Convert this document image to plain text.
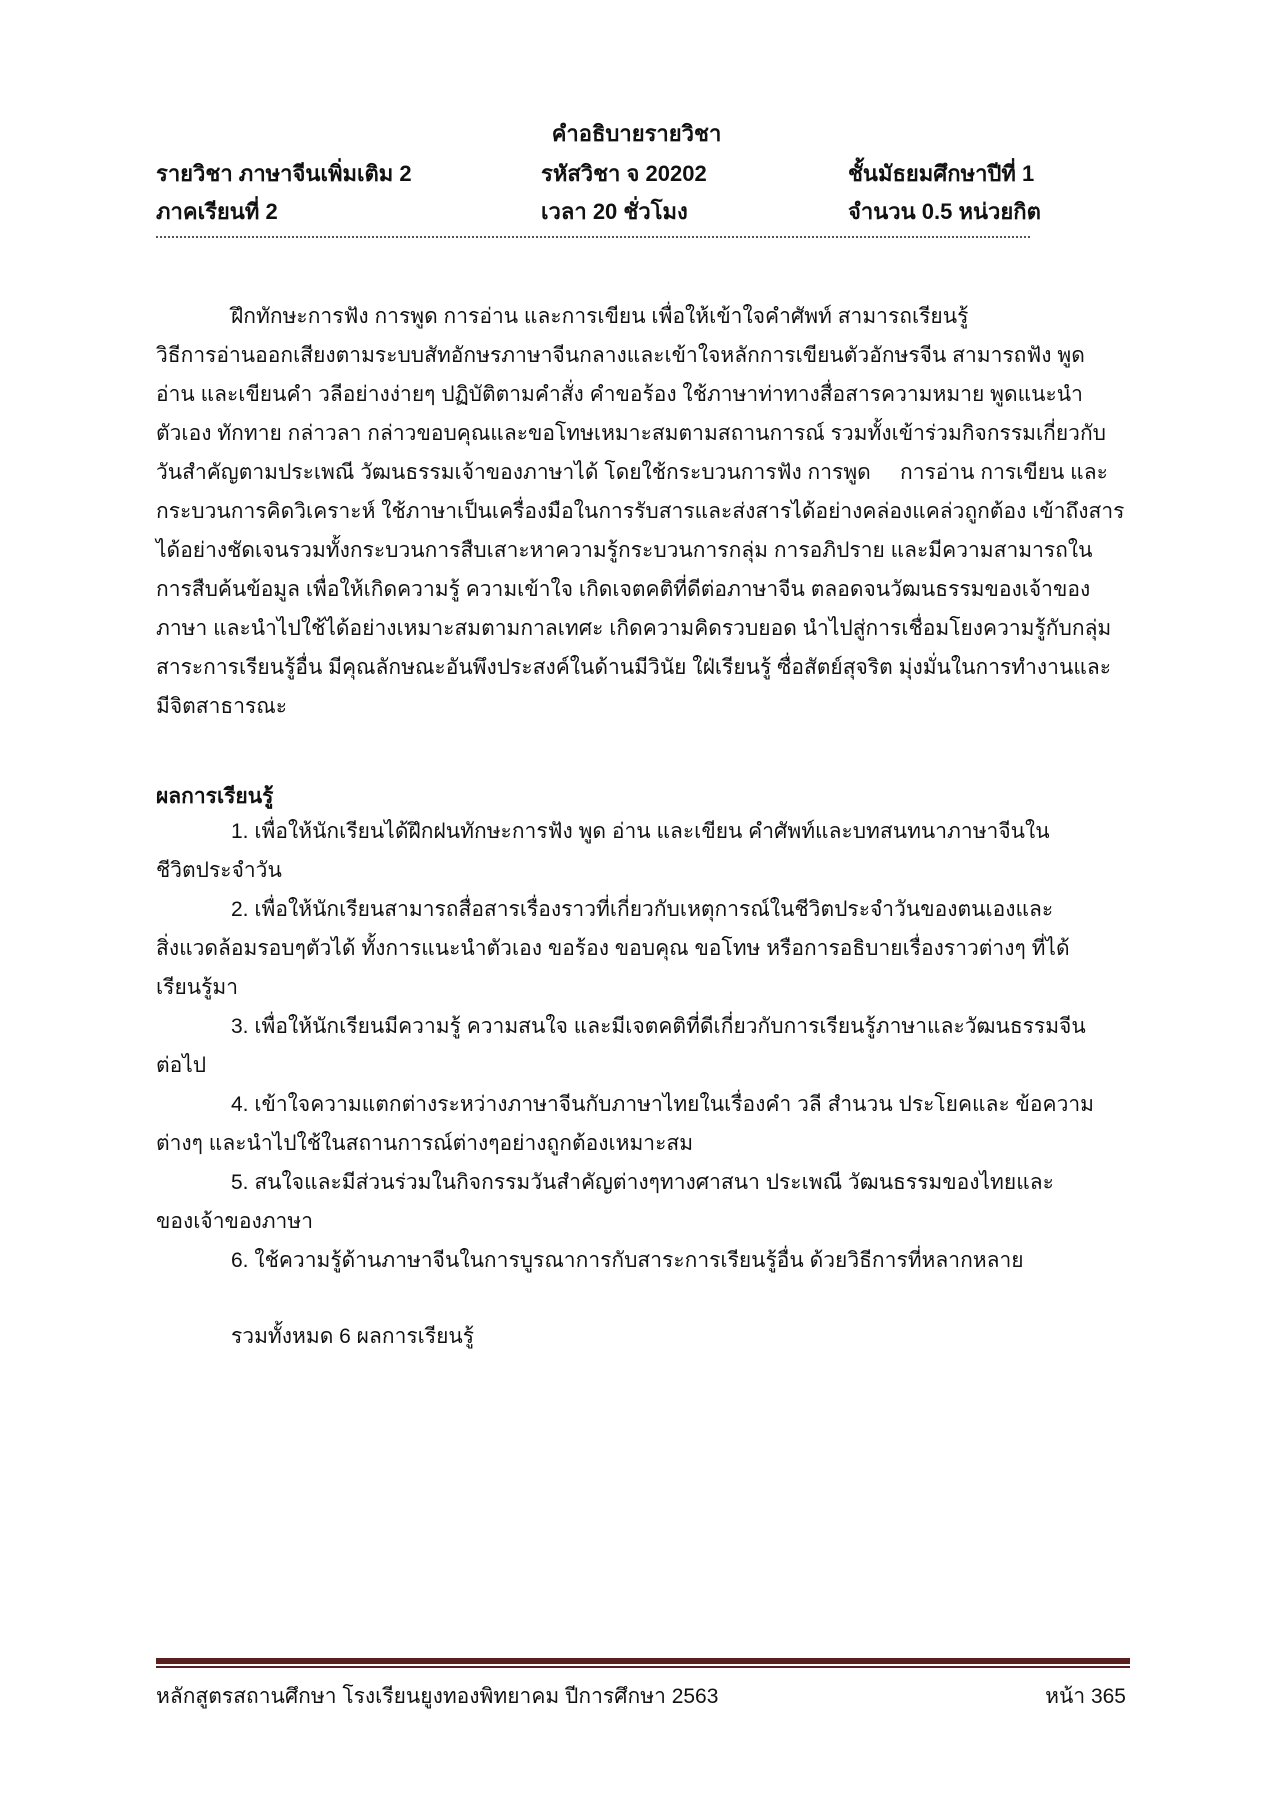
คำอธิบายรายวิชา
รายวิชา ภาษาจีนเพิ่มเติม 2	รหัสวิชา จ 20202	ชั้นมัธยมศึกษาปีที่ 1
ภาคเรียนที่ 2	เวลา 20 ชั่วโมง	จำนวน 0.5 หน่วยกิต
ฝึกทักษะการฟัง การพูด การอ่าน และการเขียน เพื่อให้เข้าใจคำศัพท์ สามารถเรียนรู้
วิธีการอ่านออกเสียงตามระบบสัทอักษรภาษาจีนกลางและเข้าใจหลักการเขียนตัวอักษรจีน สามารถฟัง พูด
อ่าน และเขียนคำ วลีอย่างง่ายๆ ปฏิบัติตามคำสั่ง คำขอร้อง ใช้ภาษาท่าทางสื่อสารความหมาย พูดแนะนำ
ตัวเอง ทักทาย กล่าวลา กล่าวขอบคุณและขอโทษเหมาะสมตามสถานการณ์ รวมทั้งเข้าร่วมกิจกรรมเกี่ยวกับ
วันสำคัญตามประเพณี วัฒนธรรมเจ้าของภาษาได้ โดยใช้กระบวนการฟัง การพูด     การอ่าน การเขียน และ
กระบวนการคิดวิเคราะห์ ใช้ภาษาเป็นเครื่องมือในการรับสารและส่งสารได้อย่างคล่องแคล่วถูกต้อง เข้าถึงสาร
ได้อย่างชัดเจนรวมทั้งกระบวนการสืบเสาะหาความรู้กระบวนการกลุ่ม การอภิปราย และมีความสามารถใน
การสืบค้นข้อมูล เพื่อให้เกิดความรู้ ความเข้าใจ เกิดเจตคติที่ดีต่อภาษาจีน ตลอดจนวัฒนธรรมของเจ้าของ
ภาษา และนำไปใช้ได้อย่างเหมาะสมตามกาลเทศะ เกิดความคิดรวบยอด นำไปสู่การเชื่อมโยงความรู้กับกลุ่ม
สาระการเรียนรู้อื่น มีคุณลักษณะอันพึงประสงค์ในด้านมีวินัย ใฝ่เรียนรู้ ซื่อสัตย์สุจริต มุ่งมั่นในการทำงานและ
มีจิตสาธารณะ
ผลการเรียนรู้
1. เพื่อให้นักเรียนได้ฝึกฝนทักษะการฟัง พูด อ่าน และเขียน คำศัพท์และบทสนทนาภาษาจีนใน
ชีวิตประจำวัน
2. เพื่อให้นักเรียนสามารถสื่อสารเรื่องราวที่เกี่ยวกับเหตุการณ์ในชีวิตประจำวันของตนเองและ
สิ่งแวดล้อมรอบๆตัวได้ ทั้งการแนะนำตัวเอง ขอร้อง ขอบคุณ ขอโทษ หรือการอธิบายเรื่องราวต่างๆ ที่ได้
เรียนรู้มา
3. เพื่อให้นักเรียนมีความรู้ ความสนใจ และมีเจตคติที่ดีเกี่ยวกับการเรียนรู้ภาษาและวัฒนธรรมจีน
ต่อไป
4. เข้าใจความแตกต่างระหว่างภาษาจีนกับภาษาไทยในเรื่องคำ วลี สำนวน ประโยคและ ข้อความ
ต่างๆ และนำไปใช้ในสถานการณ์ต่างๆอย่างถูกต้องเหมาะสม
5. สนใจและมีส่วนร่วมในกิจกรรมวันสำคัญต่างๆทางศาสนา ประเพณี วัฒนธรรมของไทยและ
ของเจ้าของภาษา
6. ใช้ความรู้ด้านภาษาจีนในการบูรณาการกับสาระการเรียนรู้อื่น ด้วยวิธีการที่หลากหลาย
รวมทั้งหมด 6 ผลการเรียนรู้
หลักสูตรสถานศึกษา โรงเรียนยูงทองพิทยาคม ปีการศึกษา 2563	หน้า 365
